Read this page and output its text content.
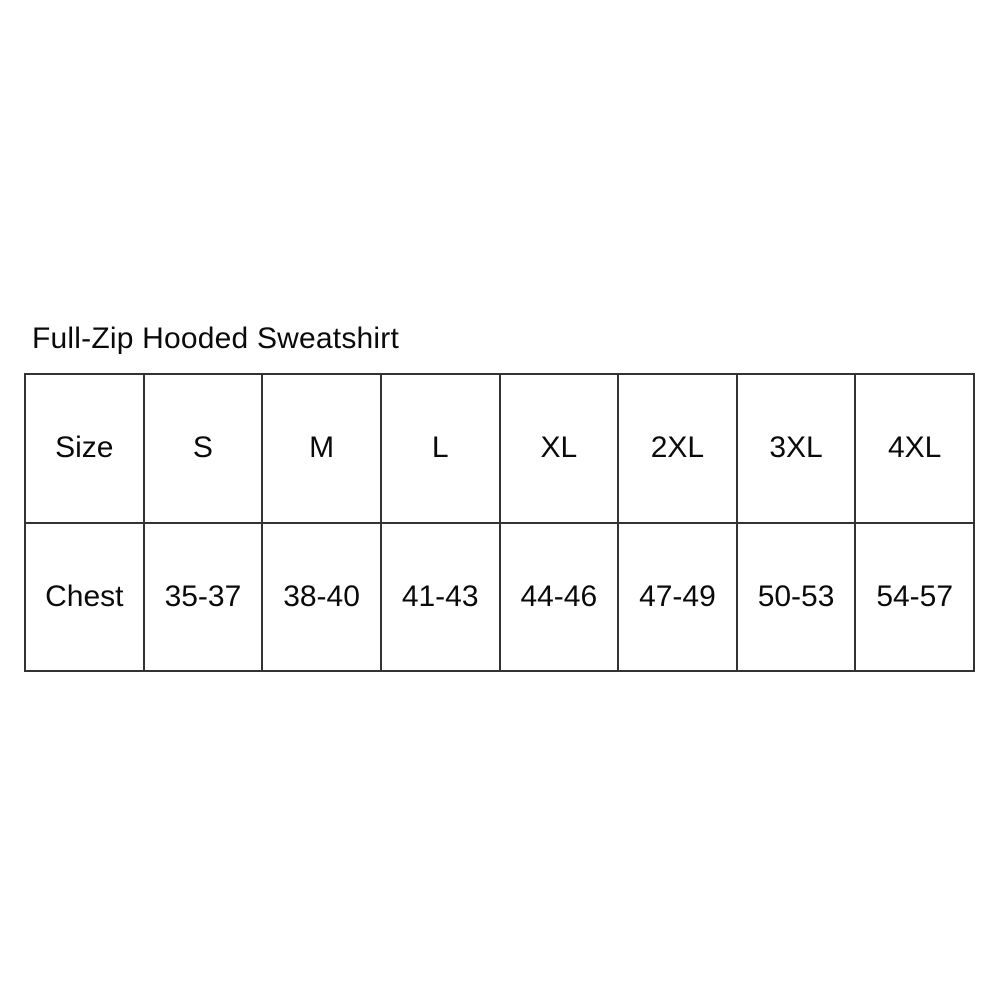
Full-Zip Hooded Sweatshirt
Size	S	M	L	XL	2XL	3XL	4XL
Chest	35-37	38-40	41-43	44-46	47-49	50-53	54-57
